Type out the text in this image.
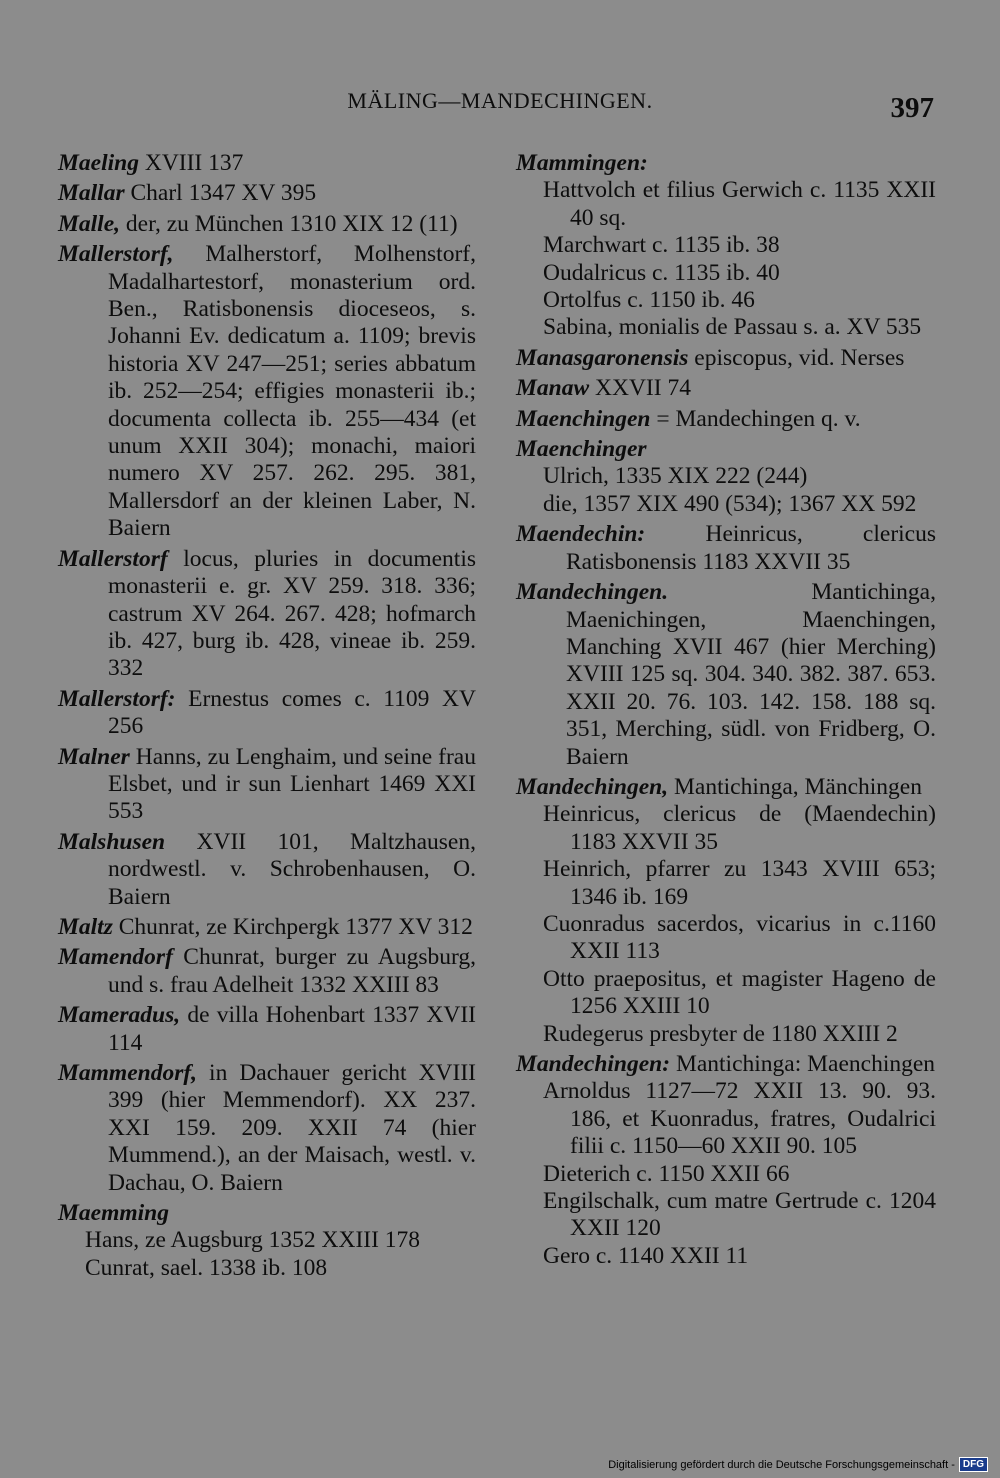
MÄLING—MANDECHINGEN.	397
Maeling XVIII 137
Mallar Charl 1347 XV 395
Malle, der, zu München 1310 XIX 12 (11)
Mallerstorf, Malherstorf, Molhenstorf, Madalhartestorf, monasterium ord. Ben., Ratisbonensis dioceseos, s. Johanni Ev. dedicatum a. 1109; brevis historia XV 247—251; series abbatum ib. 252—254; effigies monasterii ib.; documenta collecta ib. 255—434 (et unum XXII 304); monachi, maiori numero XV 257. 262. 295. 381, Mallersdorf an der kleinen Laber, N. Baiern
Mallerstorf locus, pluries in documentis monasterii e. gr. XV 259. 318. 336; castrum XV 264. 267. 428; hofmarch ib. 427, burg ib. 428, vineae ib. 259. 332
Mallerstorf: Ernestus comes c. 1109 XV 256
Malner Hanns, zu Lenghaim, und seine frau Elsbet, und ir sun Lienhart 1469 XXI 553
Malshusen XVII 101, Maltzhausen, nordwestl. v. Schrobenhausen, O. Baiern
Maltz Chunrat, ze Kirchpergk 1377 XV 312
Mamendorf Chunrat, burger zu Augsburg, und s. frau Adelheit 1332 XXIII 83
Mameradus, de villa Hohenbart 1337 XVII 114
Mammendorf, in Dachauer gericht XVIII 399 (hier Memmendorf). XX 237. XXI 159. 209. XXII 74 (hier Mummend.), an der Maisach, westl. v. Dachau, O. Baiern
Maemming
Hans, ze Augsburg 1352 XXIII 178
Cunrat, sael. 1338 ib. 108
Mammingen:
Hattvolch et filius Gerwich c. 1135 XXII 40 sq.
Marchwart c. 1135 ib. 38
Oudalricus c. 1135 ib. 40
Ortolfus c. 1150 ib. 46
Sabina, monialis de Passau s. a. XV 535
Manasgaronensis episcopus, vid. Nerses
Manaw XXVII 74
Maenchingen = Mandechingen q. v.
Maenchinger
Ulrich, 1335 XIX 222 (244)
die, 1357 XIX 490 (534); 1367 XX 592
Maendechin: Heinricus, clericus Ratisbonensis 1183 XXVII 35
Mandechingen. Mantichinga, Maenichingen, Maenchingen, Manching XVII 467 (hier Merching) XVIII 125 sq. 304. 340. 382. 387. 653. XXII 20. 76. 103. 142. 158. 188 sq. 351, Merching, südl. von Fridberg, O. Baiern
Mandechingen, Mantichinga, Mänchingen
Heinricus, clericus de (Maendechin) 1183 XXVII 35
Heinrich, pfarrer zu 1343 XVIII 653; 1346 ib. 169
Cuonradus sacerdos, vicarius in c.1160 XXII 113
Otto praepositus, et magister Hageno de 1256 XXIII 10
Rudegerus presbyter de 1180 XXIII 2
Mandechingen: Mantichinga: Maenchingen
Arnoldus 1127—72 XXII 13. 90. 93. 186, et Kuonradus, fratres, Oudalrici filii c. 1150—60 XXII 90. 105
Dieterich c. 1150 XXII 66
Engilschalk, cum matre Gertrude c. 1204 XXII 120
Gero c. 1140 XXII 11
Digitalisierung gefördert durch die Deutsche Forschungsgemeinschaft - DFG
